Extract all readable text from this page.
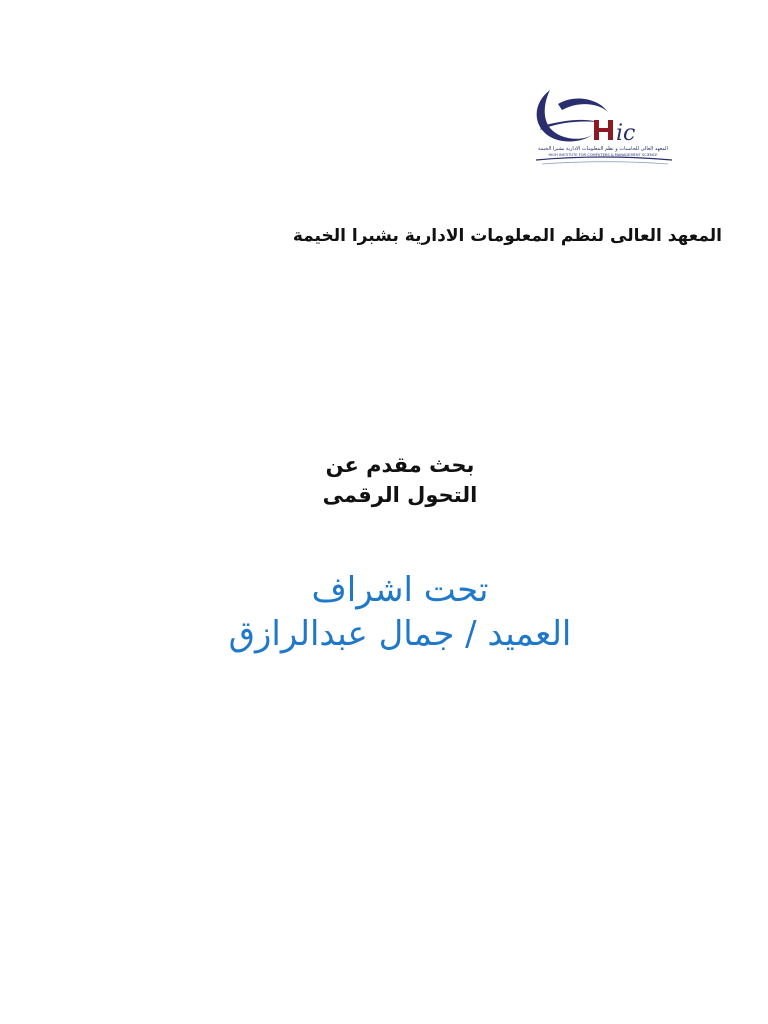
ic
المعهد العالى للحاسبات و نظم المعلومات الادارية بشبرا الخيمة
HIGH INSTITUTE FOR COMPUTERS & MANAGEMENT SCIENCE
المعهد العالى لنظم المعلومات الادارية بشبرا الخيمة
بحث مقدم عن
التحول الرقمى
تحت اشراف
العميد / جمال عبدالرازق
